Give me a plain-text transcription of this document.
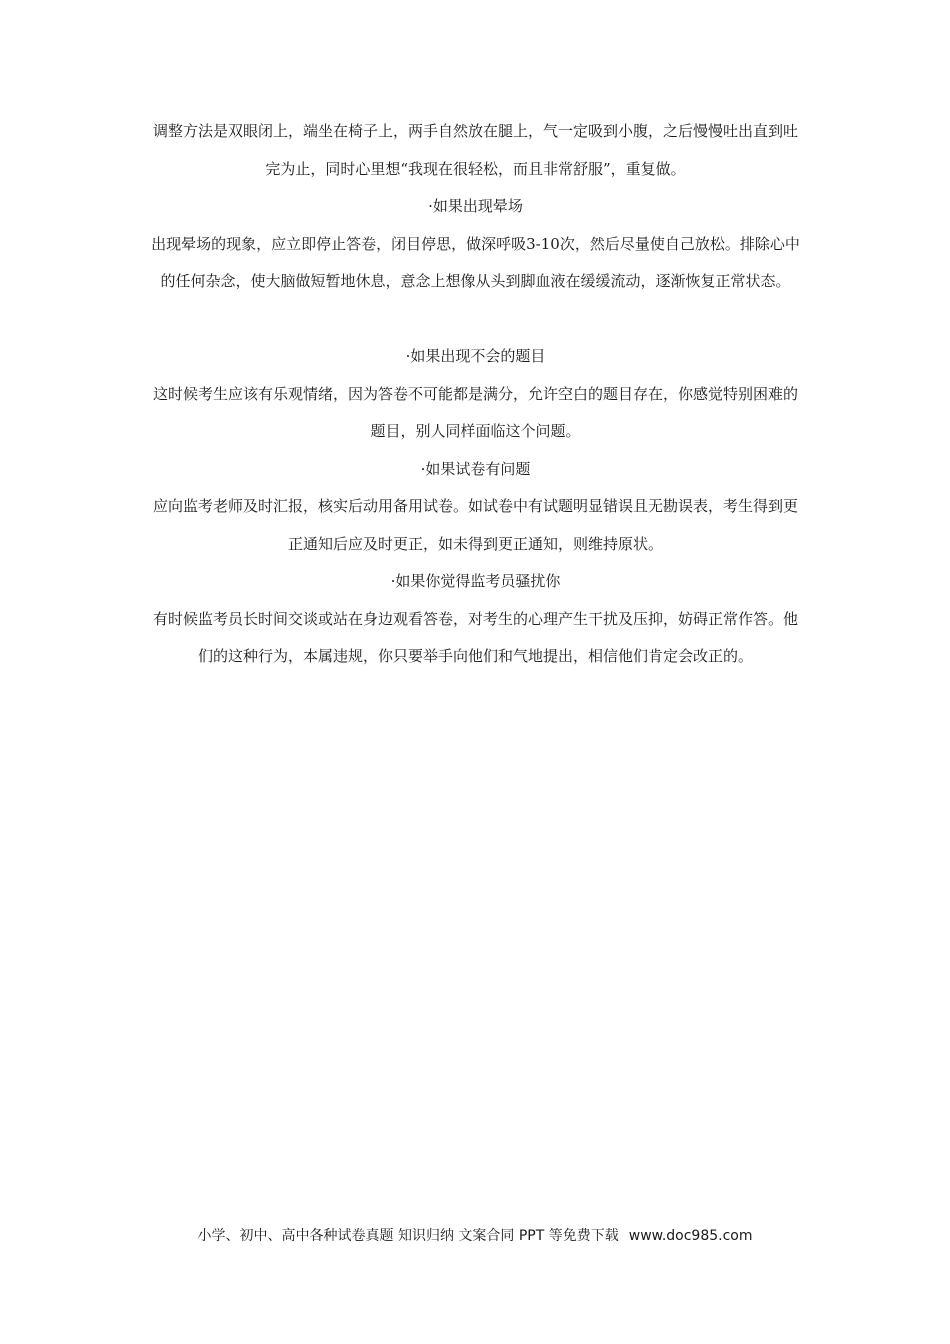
调整方法是双眼闭上，端坐在椅子上，两手自然放在腿上，气一定吸到小腹，之后慢慢吐出直到吐完为止，同时心里想“我现在很轻松，而且非常舒服”，重复做。

·如果出现晕场

出现晕场的现象，应立即停止答卷，闭目停思，做深呼吸3-10次，然后尽量使自己放松。排除心中的任何杂念，使大脑做短暂地休息，意念上想像从头到脚血液在缓缓流动，逐渐恢复正常状态。

·如果出现不会的题目

这时候考生应该有乐观情绪，因为答卷不可能都是满分，允许空白的题目存在，你感觉特别困难的题目，别人同样面临这个问题。

·如果试卷有问题

应向监考老师及时汇报，核实后动用备用试卷。如试卷中有试题明显错误且无勘误表，考生得到更正通知后应及时更正，如未得到更正通知，则维持原状。

·如果你觉得监考员骚扰你

有时候监考员长时间交谈或站在身边观看答卷，对考生的心理产生干扰及压抑，妨碍正常作答。他们的这种行为，本属违规，你只要举手向他们和气地提出，相信他们肯定会改正的。

小学、初中、高中各种试卷真题 知识归纳 文案合同 PPT 等免费下载 www.doc985.com
